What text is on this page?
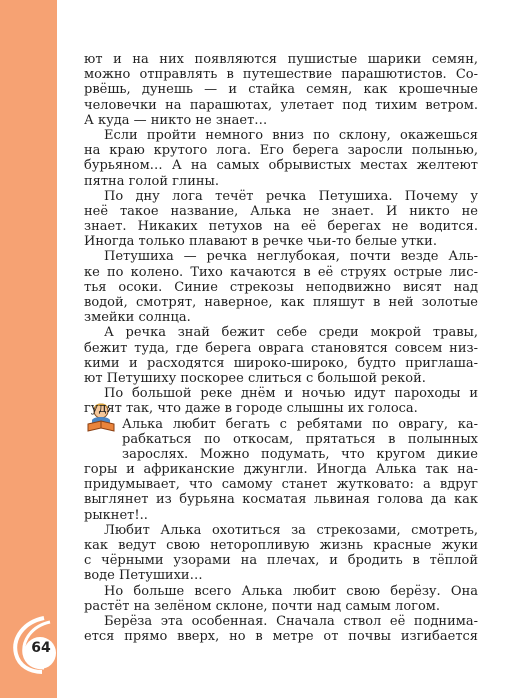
64
ют и на них появляются пушистые шарики семян,
можно отправлять в путешествие парашютистов. Со-
рвёшь, дунешь — и стайка семян, как крошечные
человечки на парашютах, улетает под тихим ветром.
А куда — никто не знает…
Если пройти немного вниз по склону, окажешься
на краю крутого лога. Его берега заросли полынью,
бурьяном… А на самых обрывистых местах желтеют
пятна голой глины.
По дну лога течёт речка Петушиха. Почему у
неё такое название, Алька не знает. И никто не
знает. Никаких петухов на её берегах не водится.
Иногда только плавают в речке чьи-то белые утки.
Петушиха — речка неглубокая, почти везде Аль-
ке по колено. Тихо качаются в её струях острые лис-
тья осоки. Синие стрекозы неподвижно висят над
водой, смотрят, наверное, как пляшут в ней золотые
змейки солнца.
А речка знай бежит себе среди мокрой травы,
бежит туда, где берега оврага становятся совсем низ-
кими и расходятся широко-широко, будто приглаша-
ют Петушиху поскорее слиться с большой рекой.
По большой реке днём и ночью идут пароходы и
гудят так, что даже в городе слышны их голоса.
Алька любит бегать с ребятами по оврагу, ка-
рабкаться по откосам, прятаться в полынных
зарослях. Можно подумать, что кругом дикие
горы и африканские джунгли. Иногда Алька так на-
придумывает, что самому станет жутковато: а вдруг
выглянет из бурьяна косматая львиная голова да как
рыкнет!..
Любит Алька охотиться за стрекозами, смотреть,
как ведут свою неторопливую жизнь красные жуки
с чёрными узорами на плечах, и бродить в тёплой
воде Петушихи…
Но больше всего Алька любит свою берёзу. Она
растёт на зелёном склоне, почти над самым логом.
Берёза эта особенная. Сначала ствол её поднима-
ется прямо вверх, но в метре от почвы изгибается
